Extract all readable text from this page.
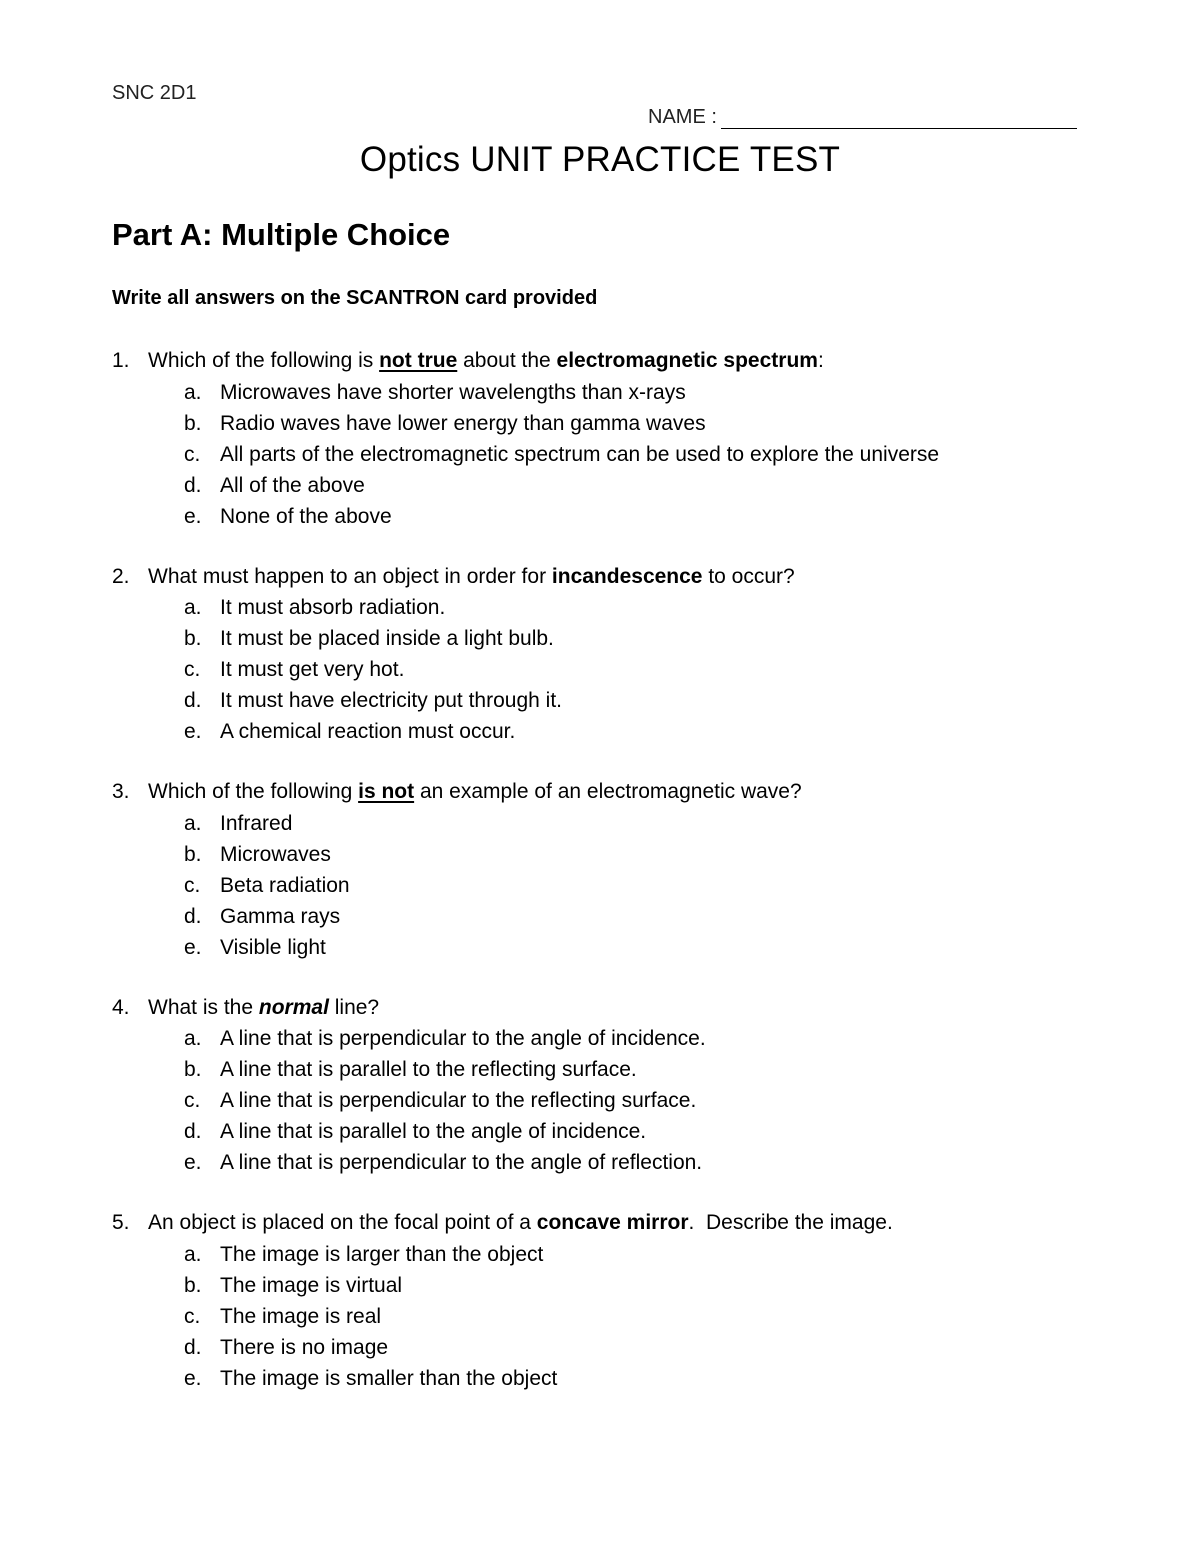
SNC 2D1
NAME :
Optics UNIT PRACTICE TEST
Part A: Multiple Choice
Write all answers on the SCANTRON card provided
1. Which of the following is not true about the electromagnetic spectrum:
a. Microwaves have shorter wavelengths than x-rays
b. Radio waves have lower energy than gamma waves
c. All parts of the electromagnetic spectrum can be used to explore the universe
d. All of the above
e. None of the above
2. What must happen to an object in order for incandescence to occur?
a. It must absorb radiation.
b. It must be placed inside a light bulb.
c. It must get very hot.
d. It must have electricity put through it.
e. A chemical reaction must occur.
3. Which of the following is not an example of an electromagnetic wave?
a. Infrared
b. Microwaves
c. Beta radiation
d. Gamma rays
e. Visible light
4. What is the normal line?
a. A line that is perpendicular to the angle of incidence.
b. A line that is parallel to the reflecting surface.
c. A line that is perpendicular to the reflecting surface.
d. A line that is parallel to the angle of incidence.
e. A line that is perpendicular to the angle of reflection.
5. An object is placed on the focal point of a concave mirror.  Describe the image.
a. The image is larger than the object
b. The image is virtual
c. The image is real
d. There is no image
e. The image is smaller than the object
